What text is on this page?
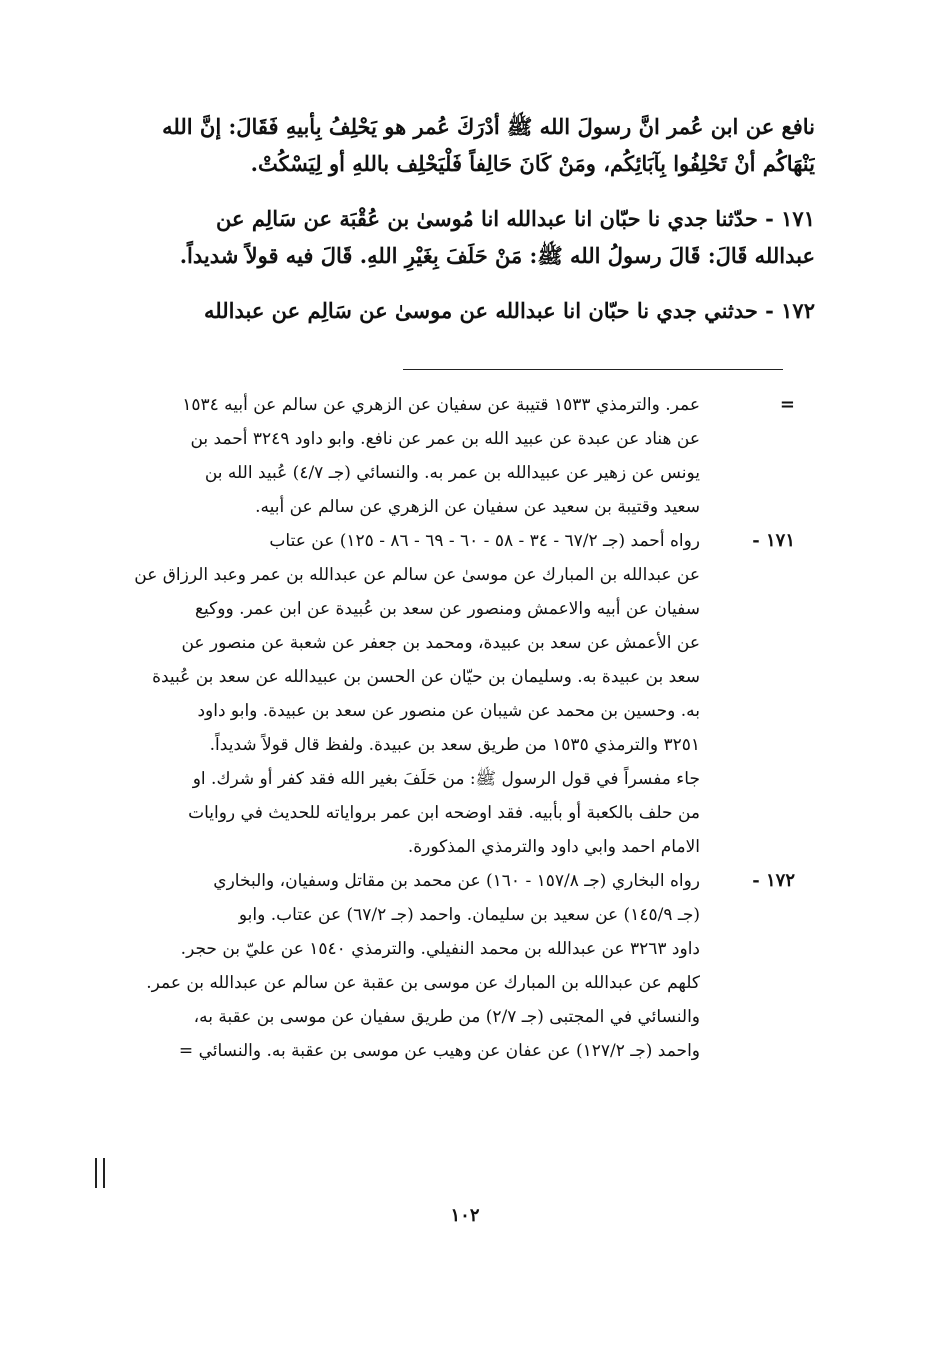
نافع عن ابن عُمر انَّ رسولَ الله ﷺ أدْرَكَ عُمر هو يَحْلِفُ بِأبيهِ فَقَالَ: إنَّ الله
يَنْهَاكُم أنْ تَحْلِفُوا بِآبَائِكُم، ومَنْ كَانَ حَالِفاً فَلْيَحْلِف باللهِ أو لِيَسْكُتْ.
١٧١ - حدّثنا جدي نا حبّان انا عبدالله انا مُوسىٰ بن عُقْبَة عن سَالِم عن
عبدالله قَالَ: قَالَ رسولُ الله ﷺ: مَنْ حَلَفَ بِغَيْرِ اللهِ. قَالَ فيه قولاً شديداً.
١٧٢ - حدثني جدي نا حبّان انا عبدالله عن موسىٰ عن سَالِم عن عبدالله
=
عمر. والترمذي ١٥٣٣ قتيبة عن سفيان عن الزهري عن سالم عن أبيه ١٥٣٤
عن هناد عن عبدة عن عبيد الله بن عمر عن نافع. وابو داود ٣٢٤٩ أحمد بن
يونس عن زهير عن عبيدالله بن عمر به. والنسائي (جـ ٤/٧) عُبيد الله بن
سعيد وقتيبة بن سعيد عن سفيان عن الزهري عن سالم عن أبيه.
١٧١ -
رواه أحمد (جـ ٦٧/٢ - ٣٤ - ٥٨ - ٦٠ - ٦٩ - ٨٦ - ١٢٥) عن عتاب
عن عبدالله بن المبارك عن موسىٰ عن سالم عن عبدالله بن عمر وعبد الرزاق عن
سفيان عن أبيه والاعمش ومنصور عن سعد بن عُبيدة عن ابن عمر. ووكيع
عن الأعمش عن سعد بن عبيدة، ومحمد بن جعفر عن شعبة عن منصور عن
سعد بن عبيدة به. وسليمان بن حيّان عن الحسن بن عبيدالله عن سعد بن عُبيدة
به. وحسين بن محمد عن شيبان عن منصور عن سعد بن عبيدة. وابو داود
٣٢٥١ والترمذي ١٥٣٥ من طريق سعد بن عبيدة. ولفظ قال قولاً شديداً.
جاء مفسراً في قول الرسول ﷺ: من حَلَفَ بغير الله فقد كفر أو شرك. او
من حلف بالكعبة أو بأبيه. فقد اوضحه ابن عمر برواياته للحديث في روايات
الامام احمد وابي داود والترمذي المذكورة.
١٧٢ -
رواه البخاري (جـ ١٥٧/٨ - ١٦٠) عن محمد بن مقاتل وسفيان، والبخاري
(جـ ١٤٥/٩) عن سعيد بن سليمان. واحمد (جـ ٦٧/٢) عن عتاب. وابو
داود ٣٢٦٣ عن عبدالله بن محمد النفيلي. والترمذي ١٥٤٠ عن عليّ بن حجر.
كلهم عن عبدالله بن المبارك عن موسى بن عقبة عن سالم عن عبدالله بن عمر.
والنسائي في المجتبى (جـ ٢/٧) من طريق سفيان عن موسى بن عقبة به،
واحمد (جـ ١٢٧/٢) عن عفان عن وهيب عن موسى بن عقبة به. والنسائي =
١٠٢
